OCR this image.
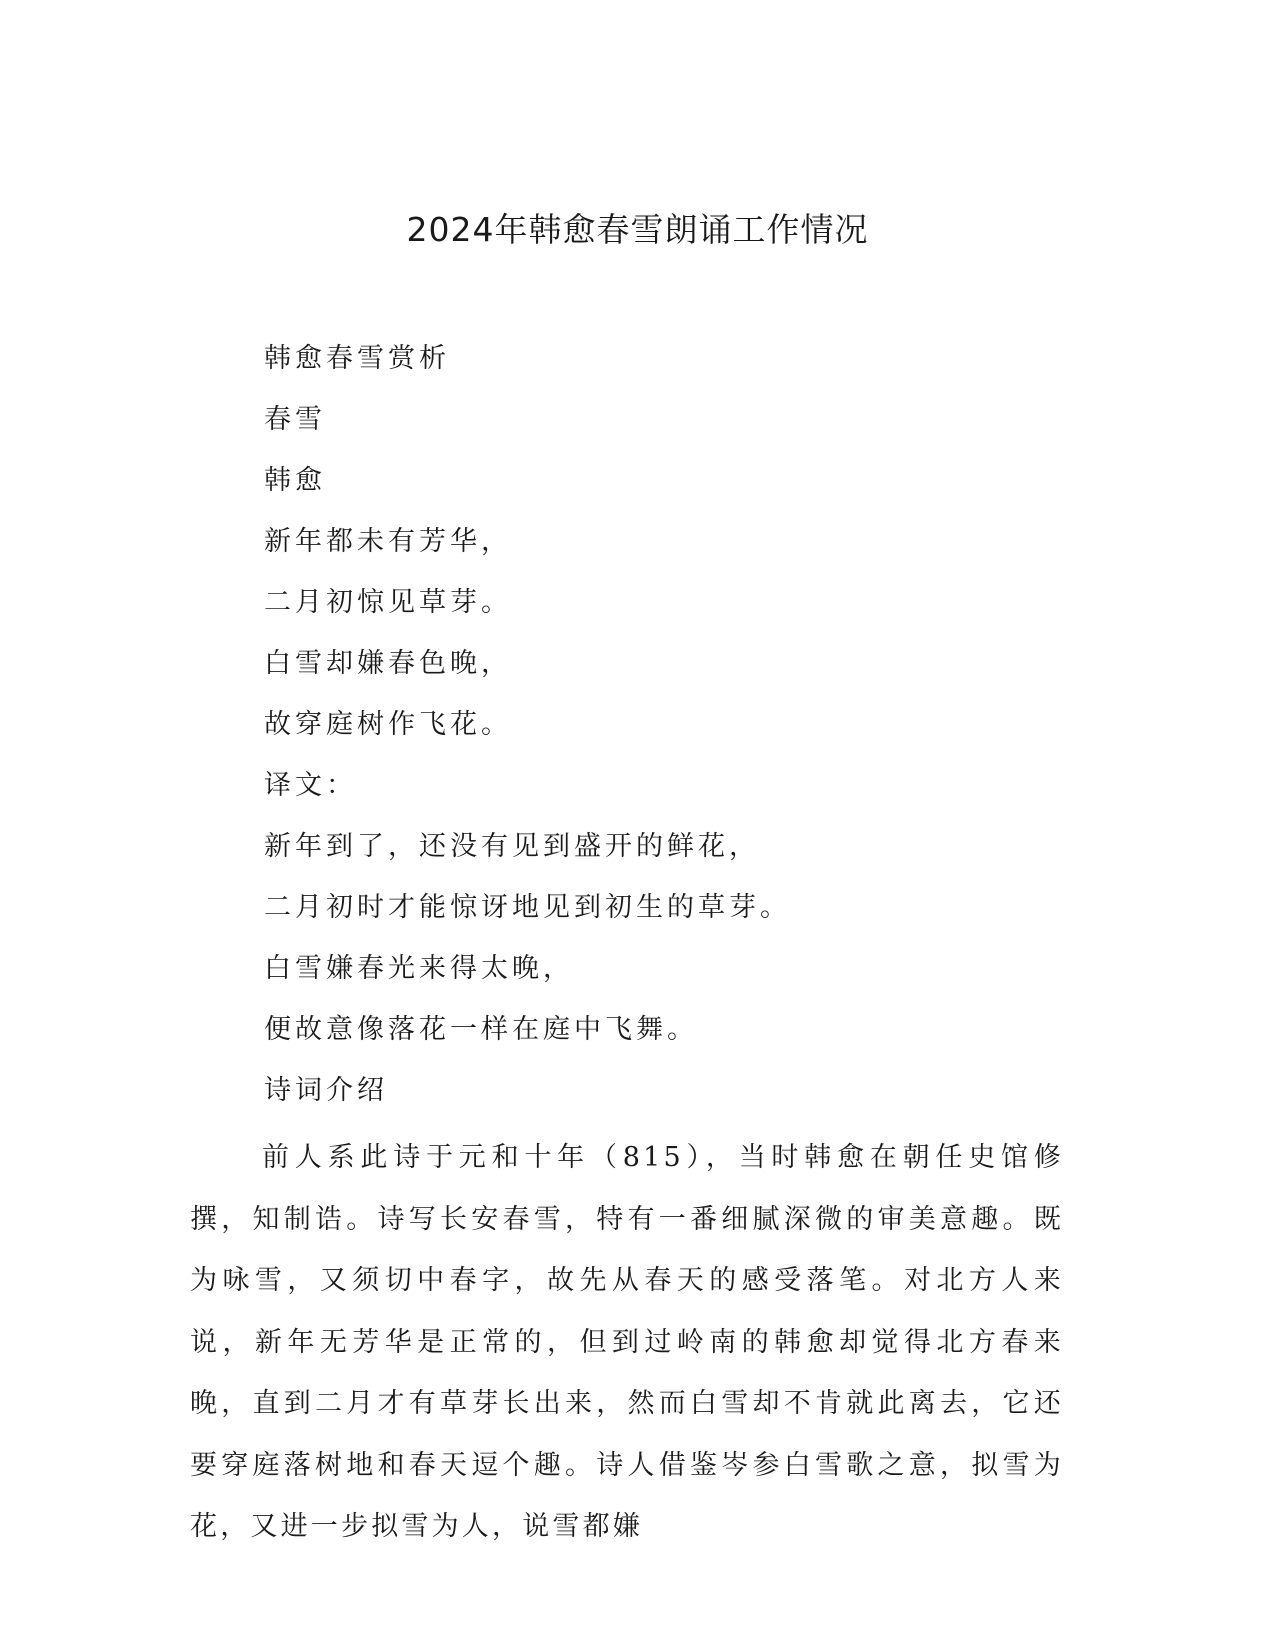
2024年韩愈春雪朗诵工作情况
韩愈春雪赏析
春雪
韩愈
新年都未有芳华，
二月初惊见草芽。
白雪却嫌春色晚，
故穿庭树作飞花。
译文：
新年到了，还没有见到盛开的鲜花，
二月初时才能惊讶地见到初生的草芽。
白雪嫌春光来得太晚，
便故意像落花一样在庭中飞舞。
诗词介绍
前人系此诗于元和十年（815），当时韩愈在朝任史馆修撰，知制诰。诗写长安春雪，特有一番细腻深微的审美意趣。既为咏雪，又须切中春字，故先从春天的感受落笔。对北方人来说，新年无芳华是正常的，但到过岭南的韩愈却觉得北方春来晚，直到二月才有草芽长出来，然而白雪却不肯就此离去，它还要穿庭落树地和春天逗个趣。诗人借鉴岑参白雪歌之意，拟雪为花，又进一步拟雪为人，说雪都嫌
